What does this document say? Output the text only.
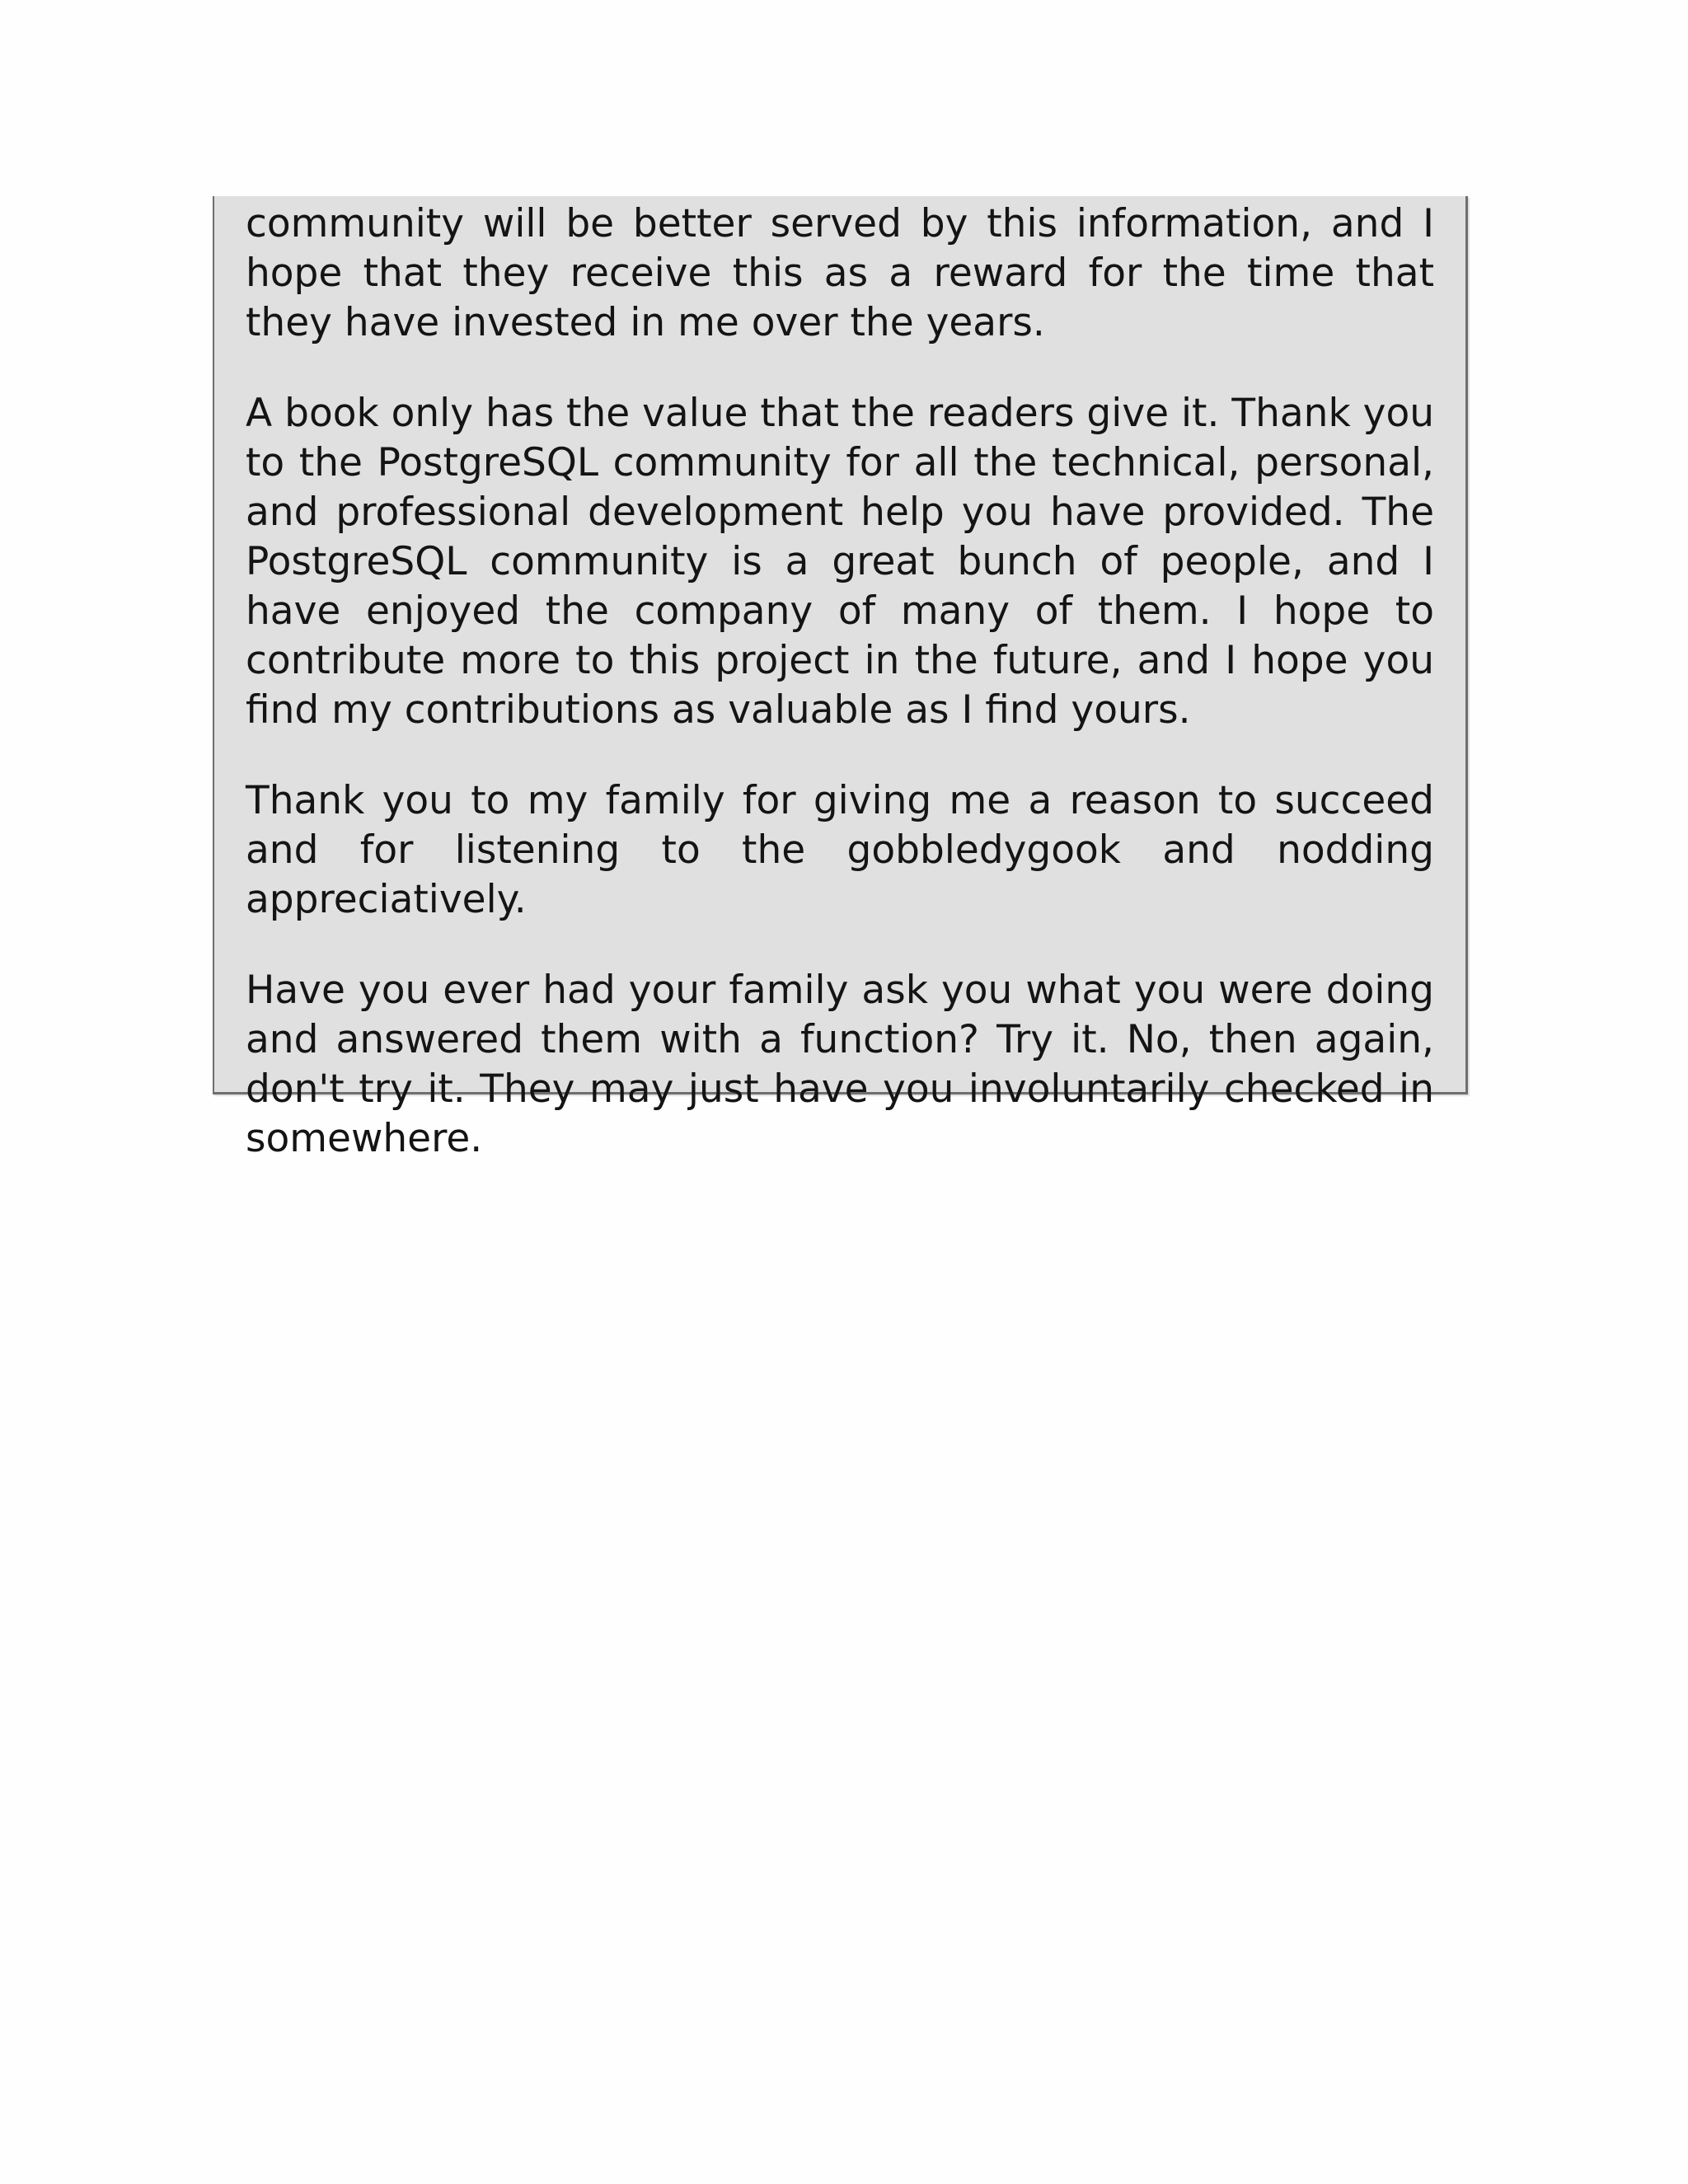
community will be better served by this information, and I hope that they receive this as a reward for the time that they have invested in me over the years.

A book only has the value that the readers give it. Thank you to the PostgreSQL community for all the technical, personal, and professional development help you have provided. The PostgreSQL community is a great bunch of people, and I have enjoyed the company of many of them. I hope to contribute more to this project in the future, and I hope you find my contributions as valuable as I find yours.

Thank you to my family for giving me a reason to succeed and for listening to the gobbledygook and nodding appreciatively.

Have you ever had your family ask you what you were doing and answered them with a function? Try it. No, then again, don't try it. They may just have you involuntarily checked in somewhere.
